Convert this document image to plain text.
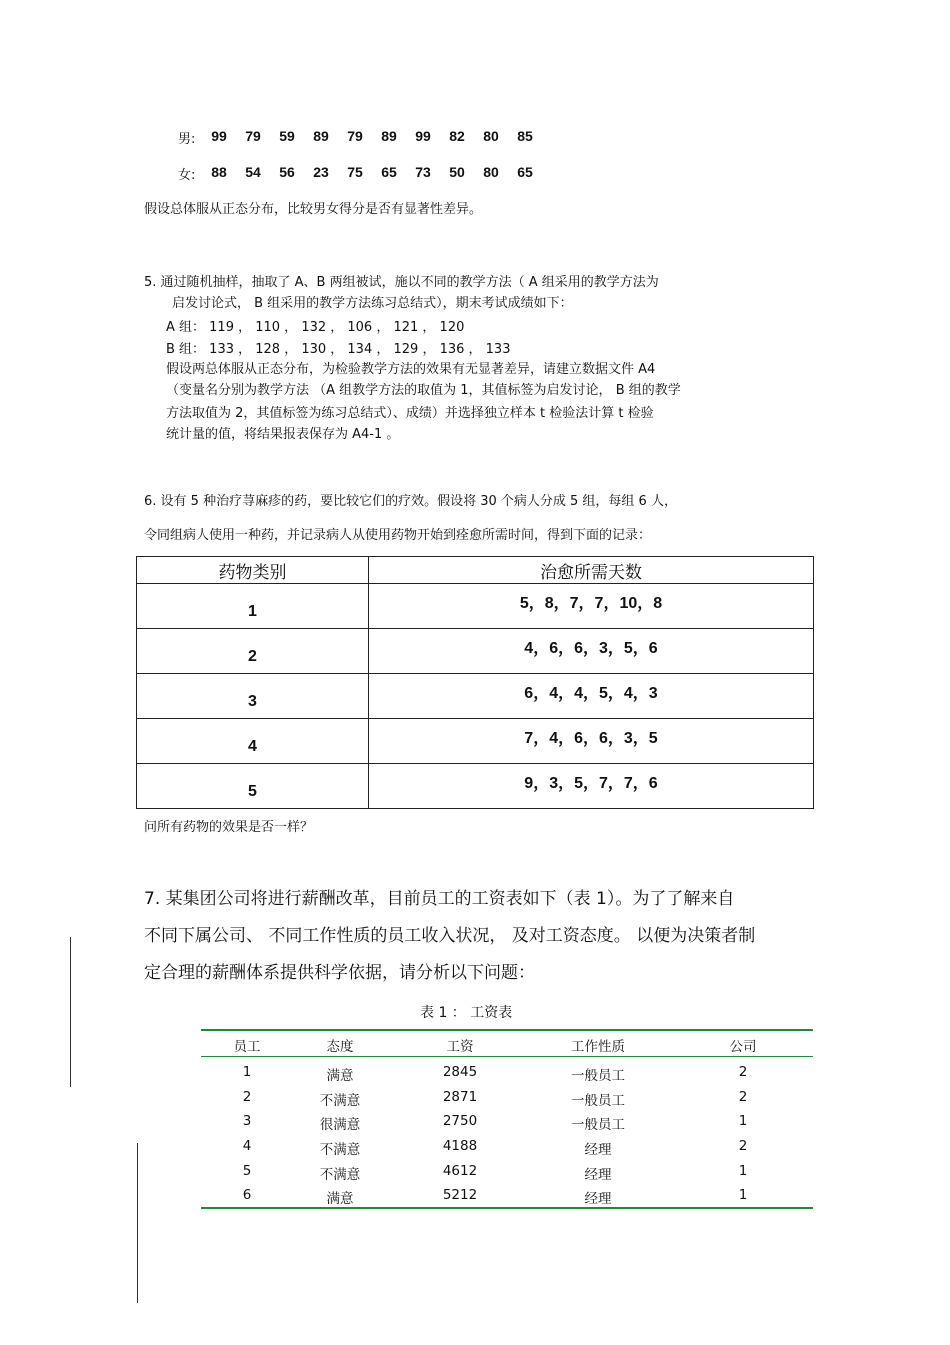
男:	99	79	59	89	79	89	99	82	80	85
女:	88	54	56	23	75	65	73	50	80	65
假设总体服从正态分布，比较男女得分是否有显著性差异。
5. 通过随机抽样，抽取了 A、B 两组被试，施以不同的教学方法（ A 组采用的教学方法为
启发讨论式， B 组采用的教学方法练习总结式），期末考试成绩如下：
A 组： 119 ， 110 ， 132 ， 106 ， 121 ， 120
B 组： 133 ， 128 ， 130 ， 134 ， 129 ， 136 ， 133
假设两总体服从正态分布，为检验教学方法的效果有无显著差异，请建立数据文件 A4
（变量名分别为教学方法 （A 组教学方法的取值为 1，其值标签为启发讨论， B 组的教学
方法取值为 2，其值标签为练习总结式）、成绩）并选择独立样本 t 检验法计算 t 检验
统计量的值，将结果报表保存为 A4-1 。
6. 设有 5 种治疗荨麻疹的药，要比较它们的疗效。假设将 30 个病人分成 5 组，每组 6 人，
令同组病人使用一种药，并记录病人从使用药物开始到痊愈所需时间，得到下面的记录：
药物类别	治愈所需天数
1	5，8，7，7，10，8
2	4，6，6，3，5，6
3	6，4，4，5，4，3
4	7，4，6，6，3，5
5	9，3，5，7，7，6
问所有药物的效果是否一样？
7. 某集团公司将进行薪酬改革，目前员工的工资表如下（表 1）。为了了解来自
不同下属公司、 不同工作性质的员工收入状况， 及对工资态度。 以便为决策者制
定合理的薪酬体系提供科学依据，请分析以下问题：
表 1 ： 工资表
员工	态度	工资	工作性质	公司
1	满意	2845	一般员工	2
2	不满意	2871	一般员工	2
3	很满意	2750	一般员工	1
4	不满意	4188	经理	2
5	不满意	4612	经理	1
6	满意	5212	经理	1
